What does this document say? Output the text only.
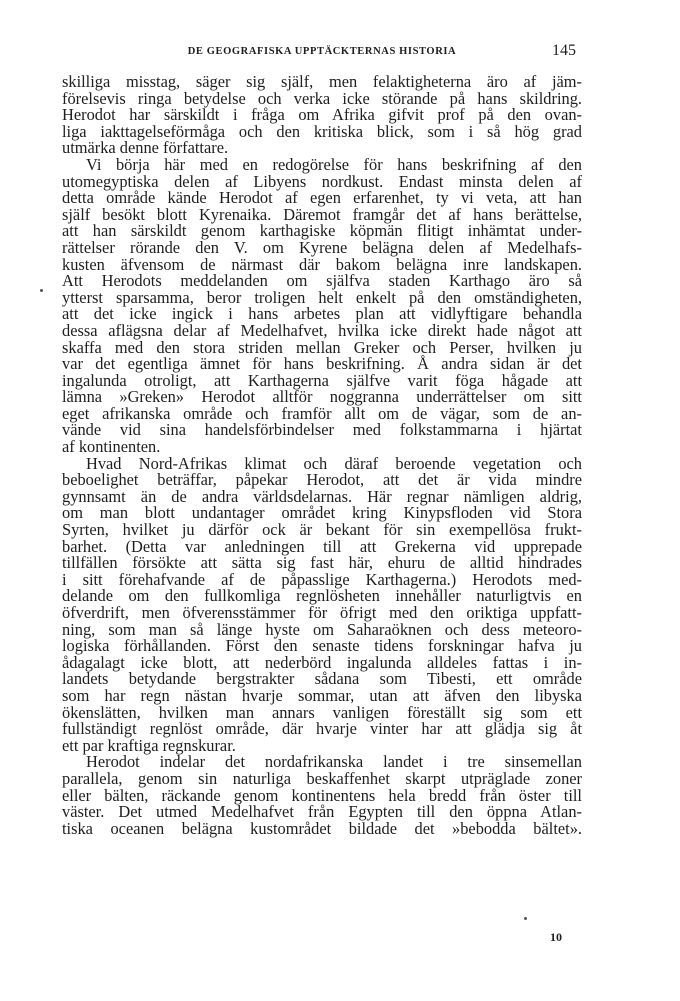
DE GEOGRAFISKA UPPTÄCKTERNAS HISTORIA	145

skilliga misstag, säger sig själf, men felaktigheterna äro af jäm-
förelsevis ringa betydelse och verka icke störande på hans skildring.
Herodot har särskildt i fråga om Afrika gifvit prof på den ovan-
liga iakttagelseförmåga och den kritiska blick, som i så hög grad
utmärka denne författare.

Vi börja här med en redogörelse för hans beskrifning af den
utomegyptiska delen af Libyens nordkust. Endast minsta delen af
detta område kände Herodot af egen erfarenhet, ty vi veta, att han
själf besökt blott Kyrenaika. Däremot framgår det af hans berättelse,
att han särskildt genom karthagiske köpmän flitigt inhämtat under-
rättelser rörande den V. om Kyrene belägna delen af Medelhafs-
kusten äfvensom de närmast där bakom belägna inre landskapen.
Att Herodots meddelanden om själfva staden Karthago äro så
ytterst sparsamma, beror troligen helt enkelt på den omständigheten,
att det icke ingick i hans arbetes plan att vidlyftigare behandla
dessa aflägsna delar af Medelhafvet, hvilka icke direkt hade något att
skaffa med den stora striden mellan Greker och Perser, hvilken ju
var det egentliga ämnet för hans beskrifning. Å andra sidan är det
ingalunda otroligt, att Karthagerna själfve varit föga hågade att
lämna »Greken» Herodot alltför noggranna underrättelser om sitt
eget afrikanska område och framför allt om de vägar, som de an-
vände vid sina handelsförbindelser med folkstammarna i hjärtat
af kontinenten.

Hvad Nord-Afrikas klimat och däraf beroende vegetation och
beboelighet beträffar, påpekar Herodot, att det är vida mindre
gynnsamt än de andra världsdelarnas. Här regnar nämligen aldrig,
om man blott undantager området kring Kinypsfloden vid Stora
Syrten, hvilket ju därför ock är bekant för sin exempellösa frukt-
barhet. (Detta var anledningen till att Grekerna vid upprepade
tillfällen försökte att sätta sig fast här, ehuru de alltid hindrades
i sitt förehafvande af de påpasslige Karthagerna.) Herodots med-
delande om den fullkomliga regnlösheten innehåller naturligtvis en
öfverdrift, men öfverensstämmer för öfrigt med den oriktiga uppfatt-
ning, som man så länge hyste om Saharaöknen och dess meteoro-
logiska förhållanden. Först den senaste tidens forskningar hafva ju
ådagalagt icke blott, att nederbörd ingalunda alldeles fattas i in-
landets betydande bergstrakter sådana som Tibesti, ett område
som har regn nästan hvarje sommar, utan att äfven den libyska
ökenslätten, hvilken man annars vanligen föreställt sig som ett
fullständigt regnlöst område, där hvarje vinter har att glädja sig åt
ett par kraftiga regnskurar.

Herodot indelar det nordafrikanska landet i tre sinsemellan
parallela, genom sin naturliga beskaffenhet skarpt utpräglade zoner
eller bälten, räckande genom kontinentens hela bredd från öster till
väster. Det utmed Medelhafvet från Egypten till den öppna Atlan-
tiska oceanen belägna kustområdet bildade det »bebodda bältet».

10
